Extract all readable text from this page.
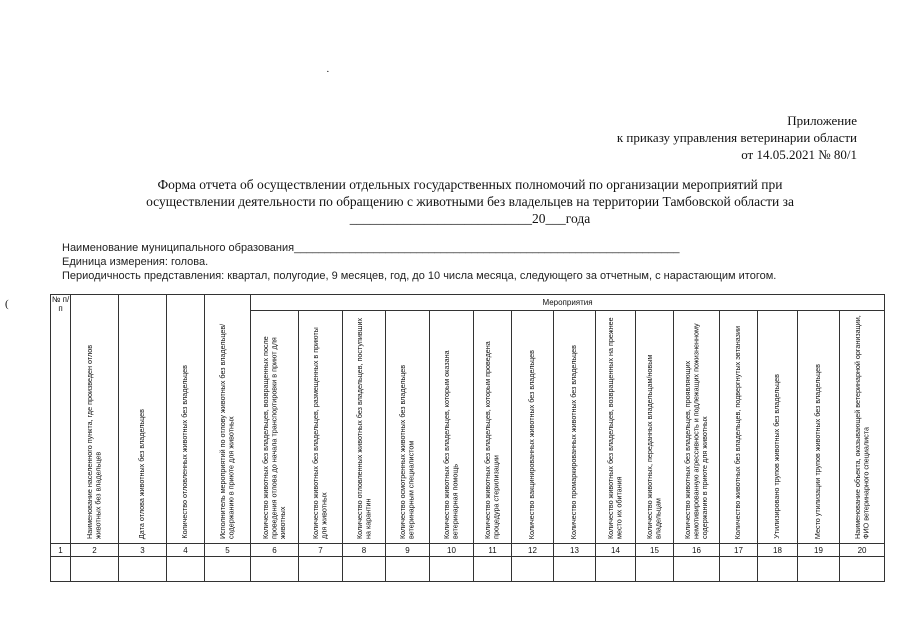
·
(
Приложение
к приказу управления ветеринарии области
от 14.05.2021 № 80/1
Форма отчета об осуществлении отдельных государственных полномочий по организации мероприятий при
осуществлении деятельности по обращению с животными без владельцев на территории Тамбовской области за
___________________________20___года
Наименование муниципального образования_______________________________________________________________
Единица измерения: голова.
Периодичность представления: квартал, полугодие, 9 месяцев, год, до 10 числа месяца, следующего за отчетным, с нарастающим итогом.
№ п/п	Наименование населенного пункта, где произведен отлов животных без владельцев	Дата отлова животных без владельцев	Количество отловленных животных без владельцев	Исполнитель мероприятий по отлову животных без владельцев/содержанию в приюте для животных	Мероприятия														

					Количество животных без владельцев, возвращенных после проведения отлова до начала транспортировки в приют для животных	Количество животных без владельцев, размещенных в приюты для животных	Количество отловленных животных без владельцев, поступивших на карантин	Количество осмотренных животных без владельцев ветеринарным специалистом	Количество животных без владельцев, которым оказана ветеринарная помощь	Количество животных без владельцев, которым проведена процедура стерилизации	Количество вакцинированных животных без владельцев	Количество промаркированных животных без владельцев	Количество животных без владельцев, возвращенных на прежнее место их обитания	Количество животных, переданных владельцам/новым владельцам	Количество животных без владельцев, проявляющих немотивированную агрессивность и подлежащих пожизненному содержанию в приюте для животных	Количество животных без владельцев, подвергнутых эвтаназии	Утилизировано трупов животных без владельцев	Место утилизации трупов животных без владельцев	Наименование объекта, оказывающей ветеринарной организации, ФИО ветеринарного специалиста

1	2	3	4	5	6	7	8	9	10	11	12	13	14	15	16	17	18	19	20
